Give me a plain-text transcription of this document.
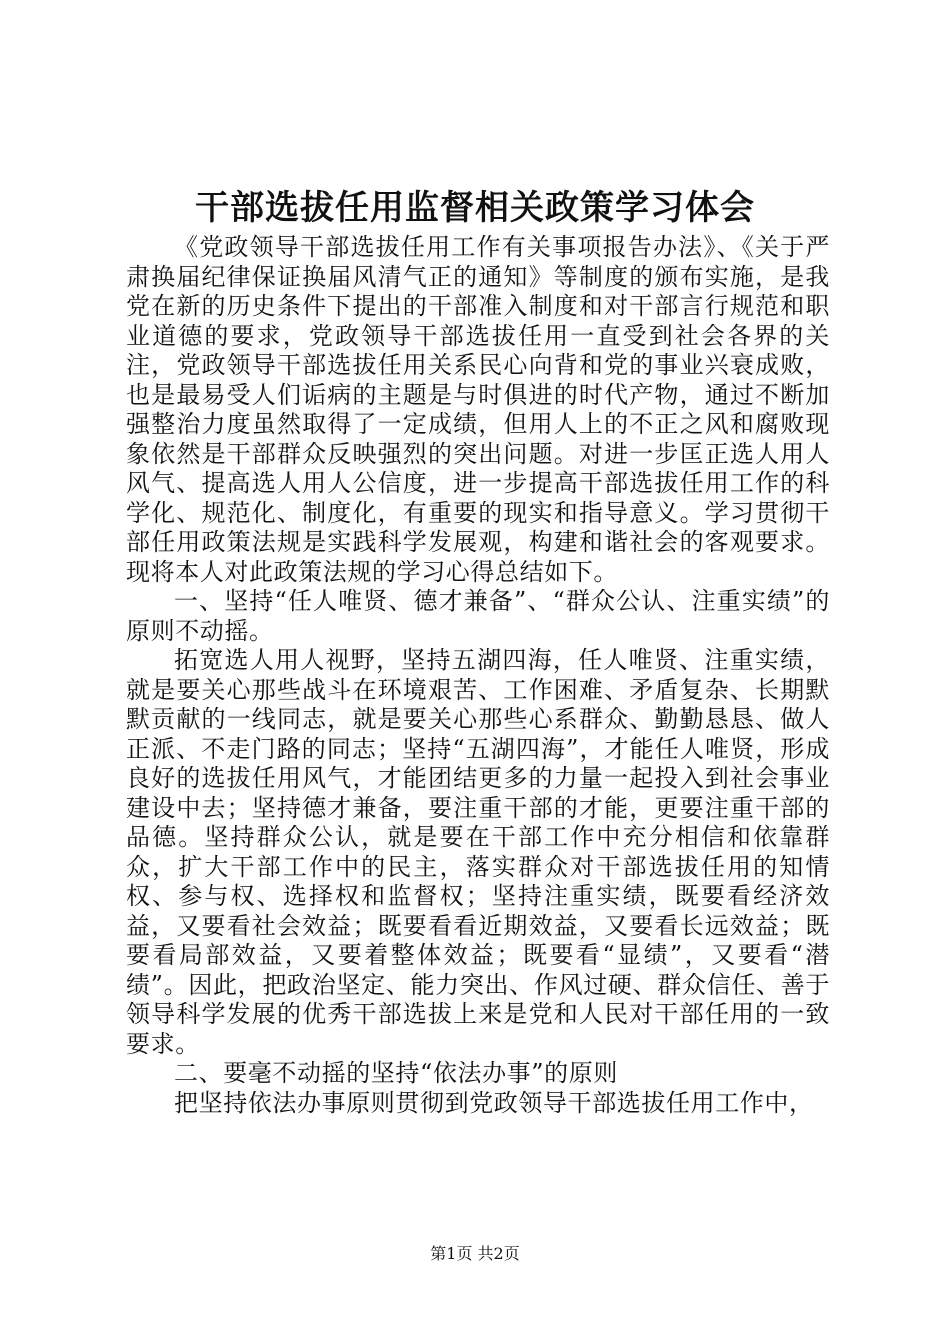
干部选拔任用监督相关政策学习体会

《党政领导干部选拔任用工作有关事项报告办法》、《关于严肃换届纪律保证换届风清气正的通知》等制度的颁布实施，是我党在新的历史条件下提出的干部准入制度和对干部言行规范和职业道德的要求，党政领导干部选拔任用一直受到社会各界的关注，党政领导干部选拔任用关系民心向背和党的事业兴衰成败，也是最易受人们诟病的主题是与时俱进的时代产物，通过不断加强整治力度虽然取得了一定成绩，但用人上的不正之风和腐败现象依然是干部群众反映强烈的突出问题。对进一步匡正选人用人风气、提高选人用人公信度，进一步提高干部选拔任用工作的科学化、规范化、制度化，有重要的现实和指导意义。学习贯彻干部任用政策法规是实践科学发展观，构建和谐社会的客观要求。现将本人对此政策法规的学习心得总结如下。

一、坚持“任人唯贤、德才兼备”、“群众公认、注重实绩”的原则不动摇。

拓宽选人用人视野，坚持五湖四海，任人唯贤、注重实绩，就是要关心那些战斗在环境艰苦、工作困难、矛盾复杂、长期默默贡献的一线同志，就是要关心那些心系群众、勤勤恳恳、做人正派、不走门路的同志；坚持“五湖四海”，才能任人唯贤，形成良好的选拔任用风气，才能团结更多的力量一起投入到社会事业建设中去；坚持德才兼备，要注重干部的才能，更要注重干部的品德。坚持群众公认，就是要在干部工作中充分相信和依靠群众，扩大干部工作中的民主，落实群众对干部选拔任用的知情权、参与权、选择权和监督权；坚持注重实绩，既要看经济效益，又要看社会效益；既要看看近期效益，又要看长远效益；既要看局部效益，又要着整体效益；既要看“显绩”，又要看“潜绩”。因此，把政治坚定、能力突出、作风过硬、群众信任、善于领导科学发展的优秀干部选拔上来是党和人民对干部任用的一致要求。

二、要毫不动摇的坚持“依法办事”的原则

把坚持依法办事原则贯彻到党政领导干部选拔任用工作中，

第1页 共2页
